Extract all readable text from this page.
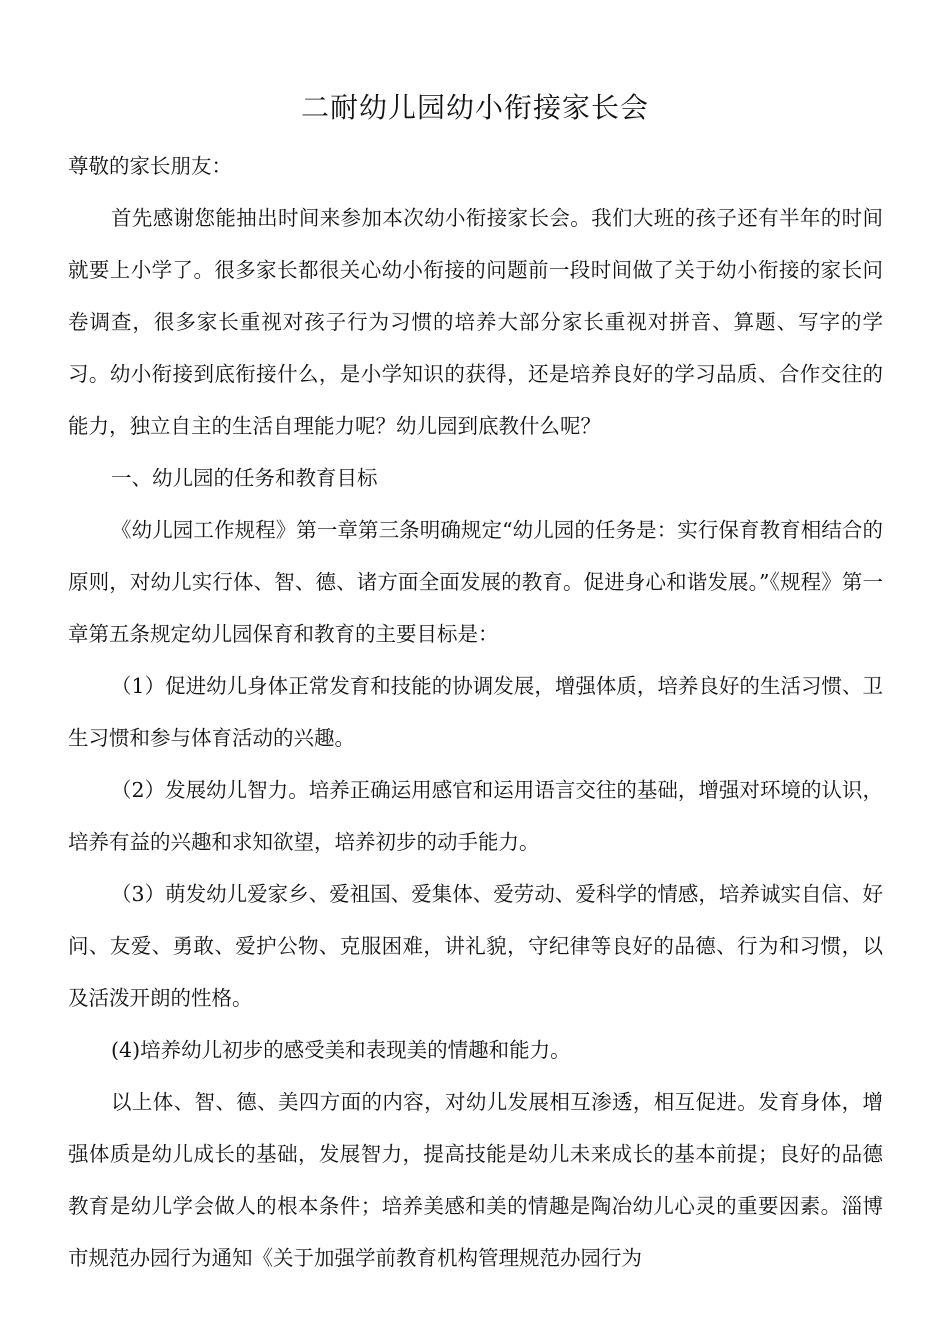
二耐幼儿园幼小衔接家长会

尊敬的家长朋友：

首先感谢您能抽出时间来参加本次幼小衔接家长会。我们大班的孩子还有半年的时间就要上小学了。很多家长都很关心幼小衔接的问题前一段时间做了关于幼小衔接的家长问卷调查，很多家长重视对孩子行为习惯的培养大部分家长重视对拼音、算题、写字的学习。幼小衔接到底衔接什么，是小学知识的获得，还是培养良好的学习品质、合作交往的能力，独立自主的生活自理能力呢？幼儿园到底教什么呢？

一、幼儿园的任务和教育目标

《幼儿园工作规程》第一章第三条明确规定“幼儿园的任务是：实行保育教育相结合的原则，对幼儿实行体、智、德、诸方面全面发展的教育。促进身心和谐发展。”《规程》第一章第五条规定幼儿园保育和教育的主要目标是：

（1）促进幼儿身体正常发育和技能的协调发展，增强体质，培养良好的生活习惯、卫生习惯和参与体育活动的兴趣。

（2）发展幼儿智力。培养正确运用感官和运用语言交往的基础，增强对环境的认识，培养有益的兴趣和求知欲望，培养初步的动手能力。

（3）萌发幼儿爱家乡、爱祖国、爱集体、爱劳动、爱科学的情感，培养诚实自信、好问、友爱、勇敢、爱护公物、克服困难，讲礼貌，守纪律等良好的品德、行为和习惯，以及活泼开朗的性格。

(4)培养幼儿初步的感受美和表现美的情趣和能力。

以上体、智、德、美四方面的内容，对幼儿发展相互渗透，相互促进。发育身体，增强体质是幼儿成长的基础，发展智力，提高技能是幼儿未来成长的基本前提；良好的品德教育是幼儿学会做人的根本条件；培养美感和美的情趣是陶冶幼儿心灵的重要因素。淄博市规范办园行为通知《关于加强学前教育机构管理规范办园行为
